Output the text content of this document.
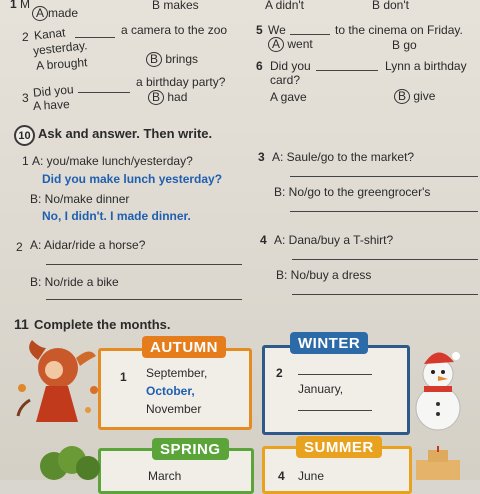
1 M
A made
B makes	A didn't	B don't
2 Kanat
yesterday.
a camera to the zoo
A brought	B brings
5 We	to the cinema on Friday.
A went	B go
3 Did you
a birthday party?
A have
B had
6 Did you	Lynn a birthday
card?
A gave	B give
10 Ask and answer. Then write.
1 A: you/make lunch/yesterday?
Did you make lunch yesterday?
B: No/make dinner
No, I didn't. I made dinner.
3 A: Saule/go to the market?
B: No/go to the greengrocer's
2 A: Aidar/ride a horse?
B: No/ride a bike
4 A: Dana/buy a T-shirt?
B: No/buy a dress
11 Complete the months.
AUTUMN
1 September,
October,
November
WINTER
2
January,
SPRING
March
SUMMER
4 June
